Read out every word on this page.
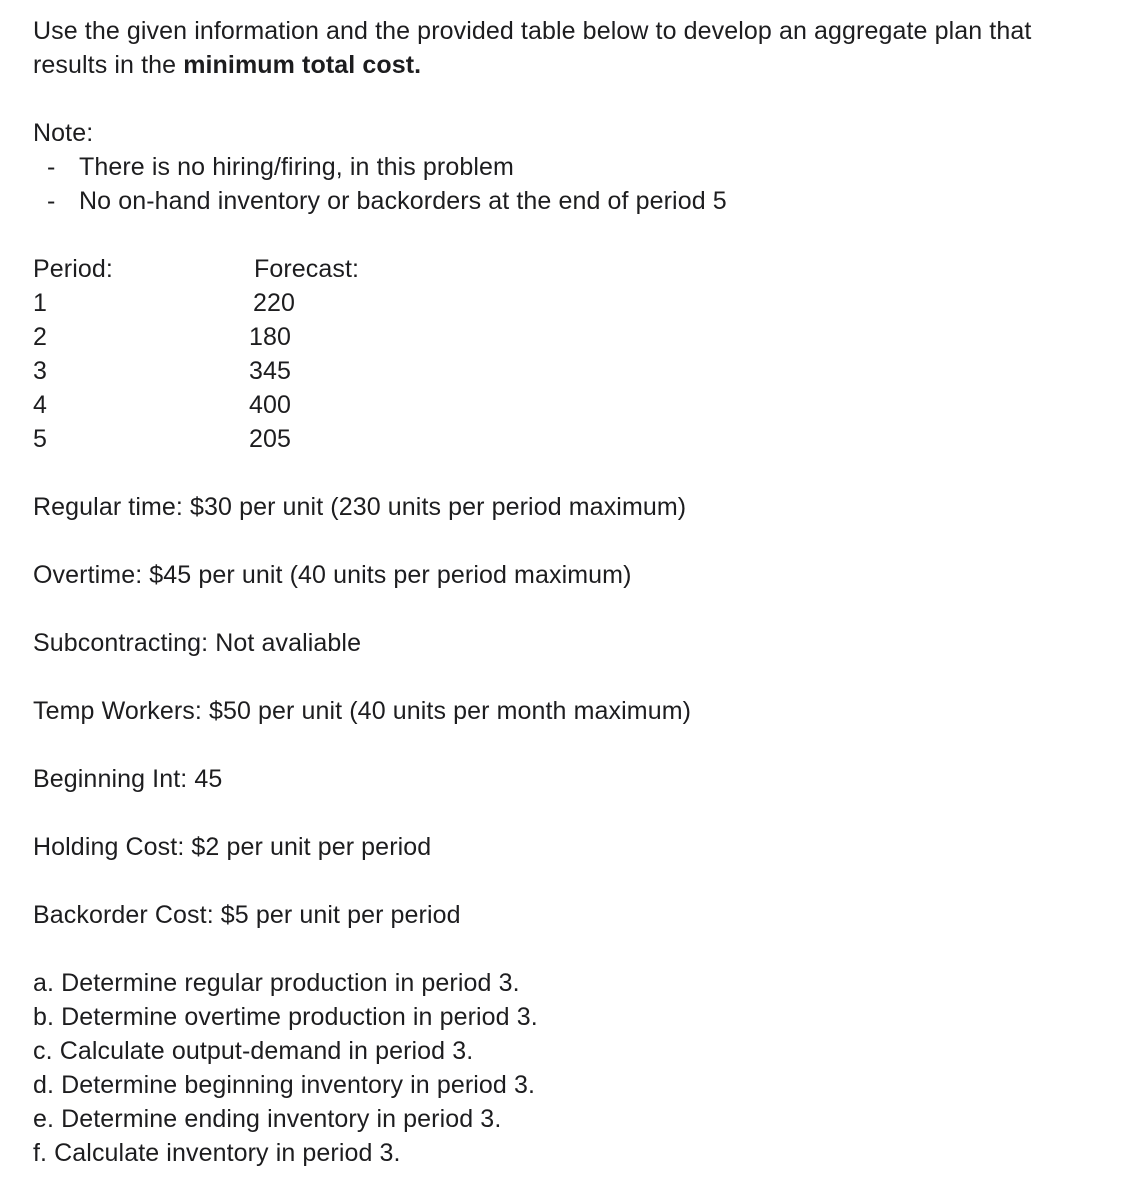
Use the given information and the provided table below to develop an aggregate plan that
results in the minimum total cost.
Note:
- There is no hiring/firing, in this problem
- No on-hand inventory or backorders at the end of period 5
Period:	Forecast:
1	220
2	180
3	345
4	400
5	205
Regular time: $30 per unit (230 units per period maximum)
Overtime: $45 per unit (40 units per period maximum)
Subcontracting: Not avaliable
Temp Workers: $50 per unit (40 units per month maximum)
Beginning Int: 45
Holding Cost: $2 per unit per period
Backorder Cost: $5 per unit per period
a. Determine regular production in period 3.
b. Determine overtime production in period 3.
c. Calculate output-demand in period 3.
d. Determine beginning inventory in period 3.
e. Determine ending inventory in period 3.
f. Calculate inventory in period 3.
